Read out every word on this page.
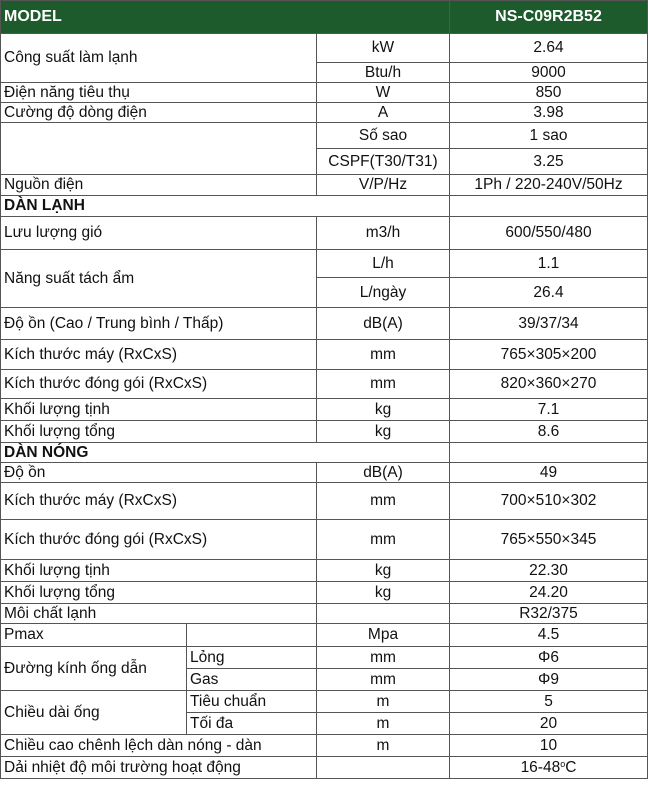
MODEL			NS-C09R2B52
Công suất làm lạnh		kW	2.64
		Btu/h	9000
Điện năng tiêu thụ		W	850
Cường độ dòng điện		A	3.98
		Số sao	1 sao
		CSPF(T30/T31)	3.25
Nguồn điện		V/P/Hz	1Ph / 220-240V/50Hz
DÀN LẠNH			
Lưu lượng gió		m3/h	600/550/480
Năng suất tách ẩm		L/h	1.1
		L/ngày	26.4
Độ ồn (Cao / Trung bình / Thấp)		dB(A)	39/37/34
Kích thước máy (RxCxS)		mm	765×305×200
Kích thước đóng gói (RxCxS)		mm	820×360×270
Khối lượng tịnh		kg	7.1
Khối lượng tổng		kg	8.6
DÀN NÓNG			
Độ ồn		dB(A)	49
Kích thước máy (RxCxS)		mm	700×510×302
Kích thước đóng gói (RxCxS)		mm	765×550×345
Khối lượng tịnh		kg	22.30
Khối lượng tổng		kg	24.20
Môi chất lạnh			R32/375
Pmax		Mpa	4.5
Đường kính ống dẫn	Lỏng	mm	Φ6
	Gas	mm	Φ9
Chiều dài ống	Tiêu chuẩn	m	5
	Tối đa	m	20
Chiều cao chênh lệch dàn nóng - dàn		m	10
Dải nhiệt độ môi trường hoạt động			16-48$^o$C
